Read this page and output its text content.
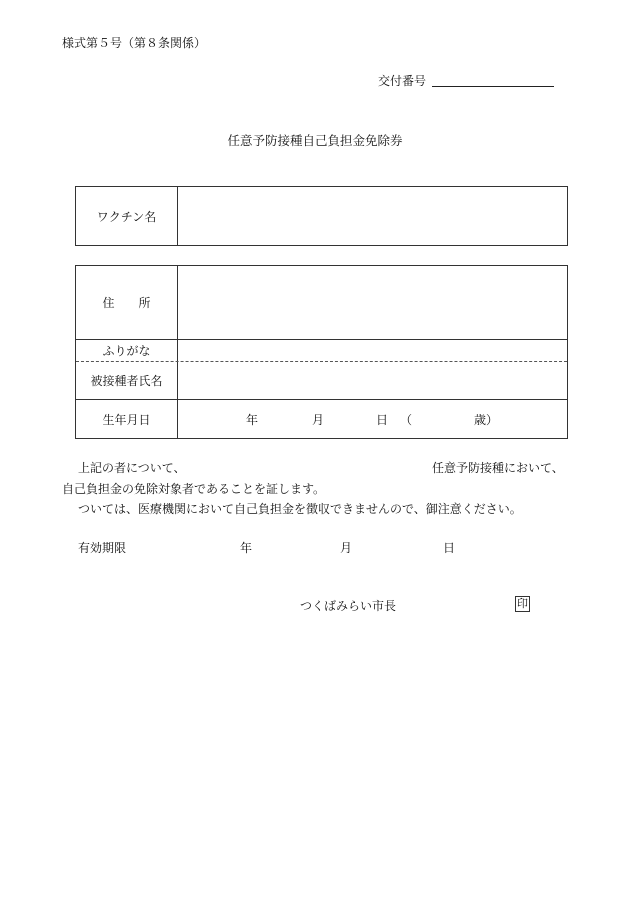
様式第５号（第８条関係）
交付番号
任意予防接種自己負担金免除券
ワクチン名
住 所
ふりがな
被接種者氏名
生年月日	年	月	日 （	歳）
上記の者について、	任意予防接種において、
自己負担金の免除対象者であることを証します。
ついては、医療機関において自己負担金を徴収できませんので、御注意ください。
有効期限	年	月	日
つくばみらい市長	印
